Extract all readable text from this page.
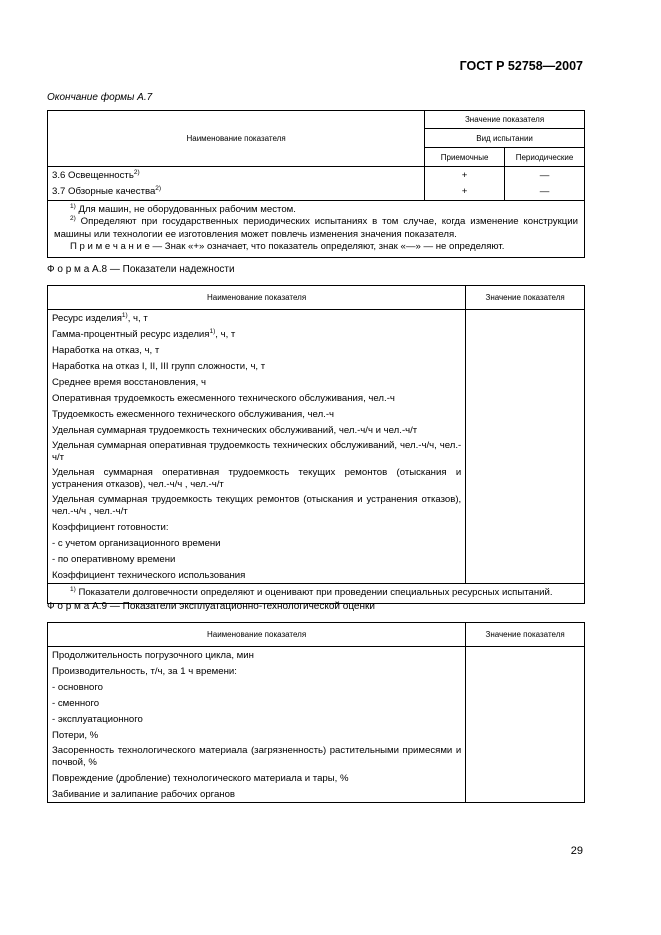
ГОСТ Р 52758—2007
Окончание формы А.7
Наименование показателя	Значение показателя	
	Вид испытании	
	Приемочные	Периодические
3.6 Освещенность$^{2)}$	+	—
3.7 Обзорные качества$^{2)}$	+	—

$^{1)}$ Для машин, не оборудованных рабочим местом.

$^{2)}$ Определяют при государственных периодических испытаниях в том случае, когда изменение конструкции машины или технологии ее изготовления может повлечь изменения значения показателя.

П р и м е ч а н и е — Знак «+» означает, что показатель определяют, знак «—» — не определяют.		

Ф о р м а А.8 — Показатели надежности
Наименование показателя	Значение показателя
Ресурс изделия$^{1)}$, ч, т	
Гамма-процентный ресурс изделия$^{1)}$, ч, т	
Наработка на отказ, ч, т	
Наработка на отказ I, II, III групп сложности, ч, т	
Среднее время восстановления, ч	
Оперативная трудоемкость ежесменного технического обслуживания, чел.-ч	
Трудоемкость ежесменного технического обслуживания, чел.-ч	
Удельная суммарная трудоемкость технических обслуживаний, чел.-ч/ч и чел.-ч/т	
Удельная суммарная оперативная трудоемкость технических обслуживаний, чел.-ч/ч, чел.-ч/т	
Удельная суммарная оперативная трудоемкость текущих ремонтов (отыскания и устранения отказов), чел.-ч/ч , чел.-ч/т	
Удельная суммарная трудоемкость текущих ремонтов (отыскания и устранения отказов), чел.-ч/ч , чел.-ч/т	
Коэффициент готовности:	
- с учетом организационного времени	
- по оперативному времени	
Коэффициент технического использования	
$^{1)}$ Показатели долговечности определяют и оценивают при проведении специальных ресурсных испытаний.	
Ф о р м а А.9 — Показатели эксплуатационно-технологической оценки
Наименование показателя	Значение показателя
Продолжительность погрузочного цикла, мин	
Производительность, т/ч, за 1 ч времени:	
- основного	
- сменного	
- эксплуатационного	
Потери, %	
Засоренность технологического материала (загрязненность) растительными примесями и почвой, %	
Повреждение (дробление) технологического материала и тары, %	
Забивание и залипание рабочих органов	
29
